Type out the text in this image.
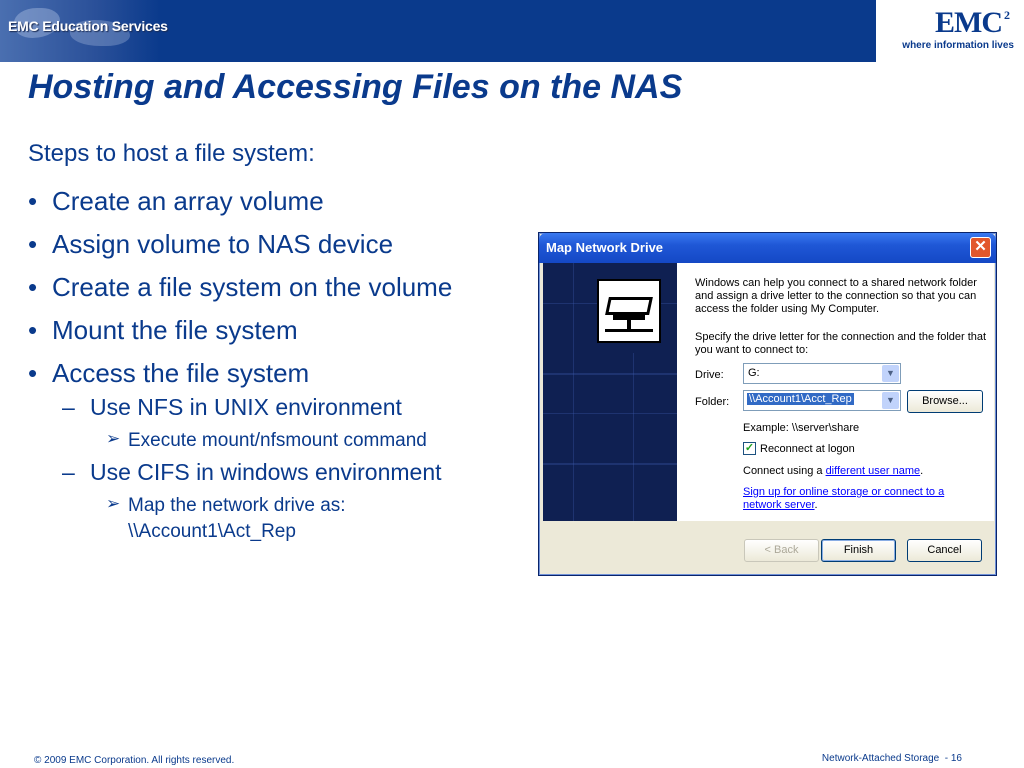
EMC Education Services	EMC 2
where information lives
Hosting and Accessing Files on the NAS
Steps to host a file system:
• Create an array volume
• Assign volume to NAS device
• Create a file system on the volume
• Mount the file system
• Access the file system
– Use NFS in UNIX environment
➢ Execute mount/nfsmount command
– Use CIFS in windows environment
➢ Map the network drive as:
\\Account1\Act_Rep
Map Network Drive	✕
Windows can help you connect to a shared network folder and assign a drive letter to the connection so that you can access the folder using My Computer.
Specify the drive letter for the connection and the folder that you want to connect to:
Drive: G:	▼
Folder: \\Account1\Acct_Rep	▼	Browse...
Example: \\server\share
✓ Reconnect at logon
Connect using a different user name.
Sign up for online storage or connect to a network server.
< Back	Finish	Cancel
© 2009 EMC Corporation. All rights reserved.	Network-Attached Storage - 16
